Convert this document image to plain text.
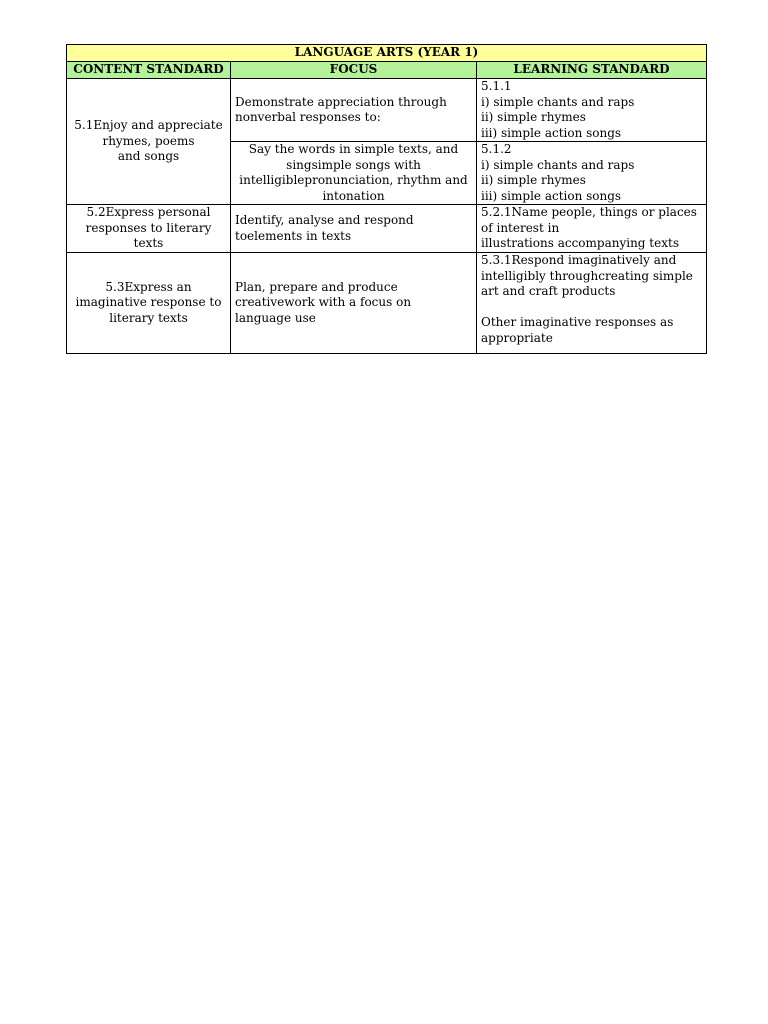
LANGUAGE ARTS (YEAR 1)		
CONTENT STANDARD	FOCUS	LEARNING STANDARD

5.1Enjoy and appreciate
rhymes, poems
and songs	Demonstrate appreciation through
nonverbal responses to:	5.1.1
i) simple chants and raps
ii) simple rhymes
iii) simple action songs

	Say the words in simple texts, and
singsimple songs with
intelligiblepronunciation, rhythm and
intonation	5.1.2
i) simple chants and raps
ii) simple rhymes
iii) simple action songs

5.2Express personal
responses to literary
texts	Identify, analyse and respond
toelements in texts	5.2.1Name people, things or places
of interest in
illustrations accompanying texts

5.3Express an
imaginative response to
literary texts	Plan, prepare and produce
creativework with a focus on
language use	5.3.1Respond imaginatively and
intelligibly throughcreating simple
art and craft products
Other imaginative responses as
appropriate
